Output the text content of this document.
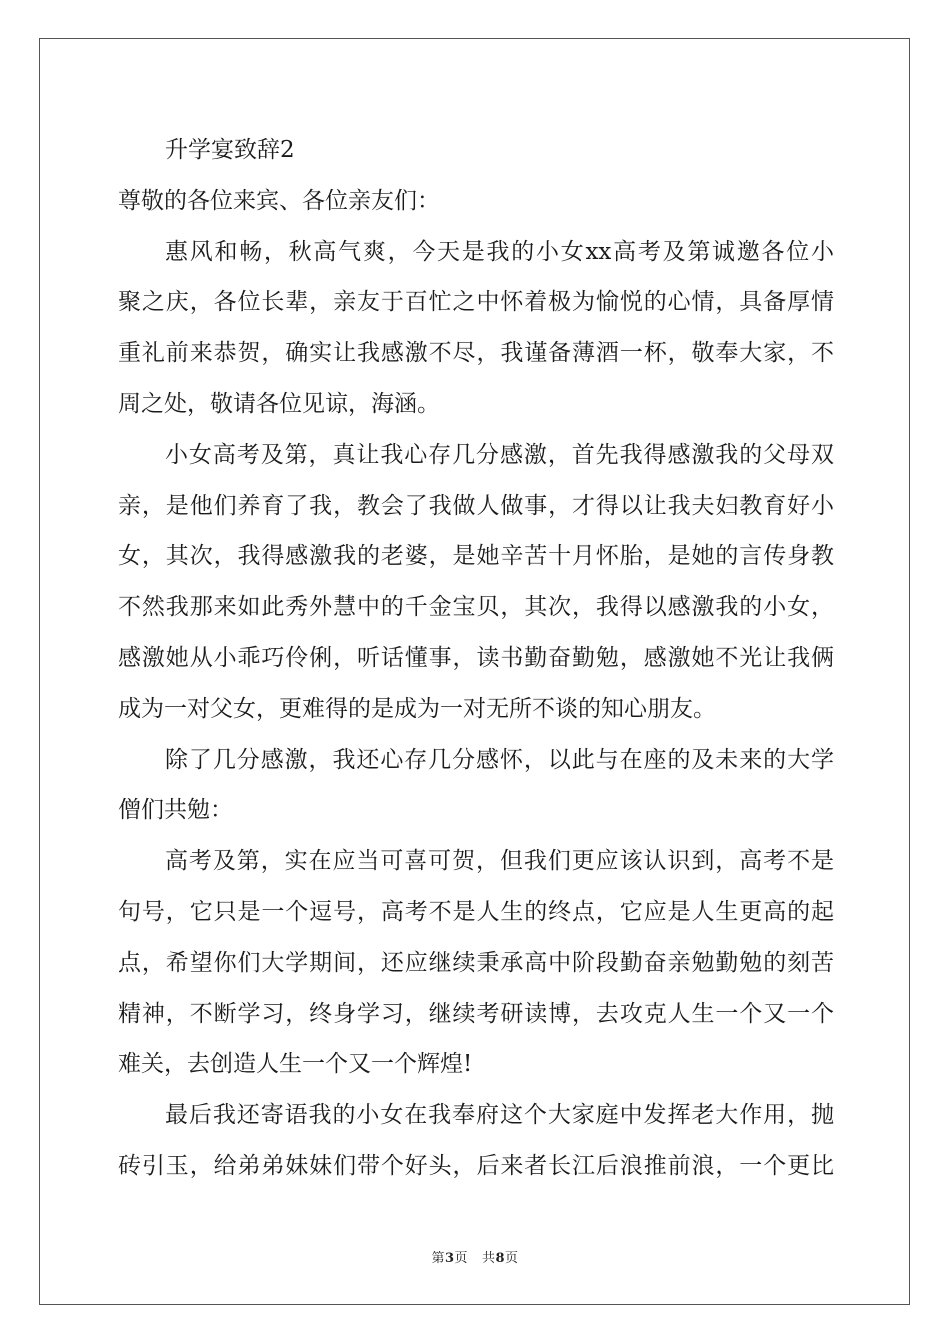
升学宴致辞2
尊敬的各位来宾、各位亲友们：
惠风和畅，秋高气爽，今天是我的小女xx高考及第诚邀各位小
聚之庆，各位长辈，亲友于百忙之中怀着极为愉悦的心情，具备厚情
重礼前来恭贺，确实让我感激不尽，我谨备薄酒一杯，敬奉大家，不
周之处，敬请各位见谅，海涵。
小女高考及第，真让我心存几分感激，首先我得感激我的父母双
亲，是他们养育了我，教会了我做人做事，才得以让我夫妇教育好小
女，其次，我得感激我的老婆，是她辛苦十月怀胎，是她的言传身教
不然我那来如此秀外慧中的千金宝贝，其次，我得以感激我的小女，
感激她从小乖巧伶俐，听话懂事，读书勤奋勤勉，感激她不光让我俩
成为一对父女，更难得的是成为一对无所不谈的知心朋友。
除了几分感激，我还心存几分感怀，以此与在座的及未来的大学
僧们共勉：
高考及第，实在应当可喜可贺，但我们更应该认识到，高考不是
句号，它只是一个逗号，高考不是人生的终点，它应是人生更高的起
点，希望你们大学期间，还应继续秉承高中阶段勤奋亲勉勤勉的刻苦
精神，不断学习，终身学习，继续考研读博，去攻克人生一个又一个
难关，去创造人生一个又一个辉煌!
最后我还寄语我的小女在我奉府这个大家庭中发挥老大作用，抛
砖引玉，给弟弟妹妹们带个好头，后来者长江后浪推前浪，一个更比
第3页 共8页
